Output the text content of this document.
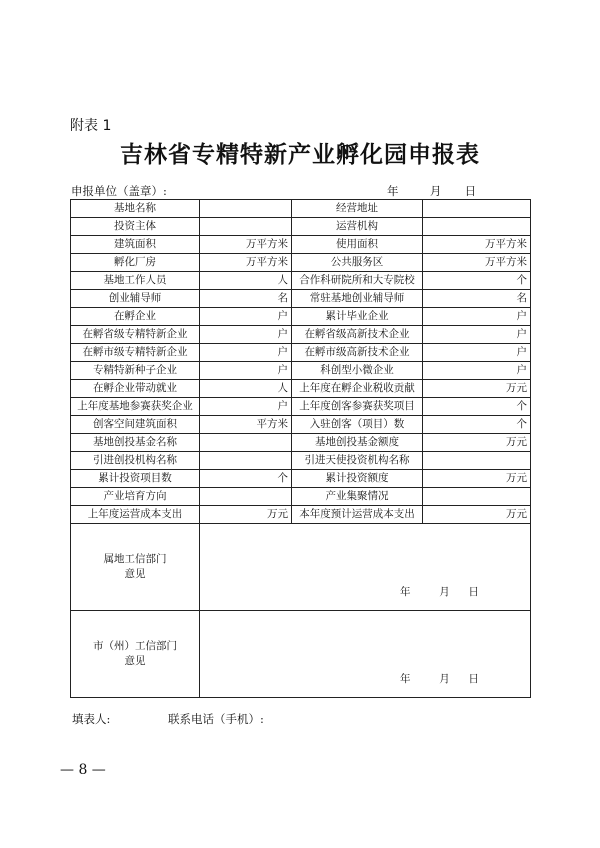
附表 1
吉林省专精特新产业孵化园申报表
申报单位（盖章）:	年	月 日
基地名称		经营地址	
投资主体		运营机构	
建筑面积	万平方米	使用面积	万平方米
孵化厂房	万平方米	公共服务区	万平方米
基地工作人员	人	合作科研院所和大专院校	个
创业辅导师	名	常驻基地创业辅导师	名
在孵企业	户	累计毕业企业	户
在孵省级专精特新企业	户	在孵省级高新技术企业	户
在孵市级专精特新企业	户	在孵市级高新技术企业	户
专精特新种子企业	户	科创型小微企业	户
在孵企业带动就业	人	上年度在孵企业税收贡献	万元
上年度基地参赛获奖企业	户	上年度创客参赛获奖项目	个
创客空间建筑面积	平方米	入驻创客（项目）数	个
基地创投基金名称		基地创投基金额度	万元
引进创投机构名称		引进天使投资机构名称	
累计投资项目数	个	累计投资额度	万元
产业培育方向		产业集聚情况	
上年度运营成本支出	万元	本年度预计运营成本支出	万元

属地工信部门
意见	年 月 日		

市（州）工信部门
意见	年 月 日		
填表人:	联系电话（手机）:
— 8 —
